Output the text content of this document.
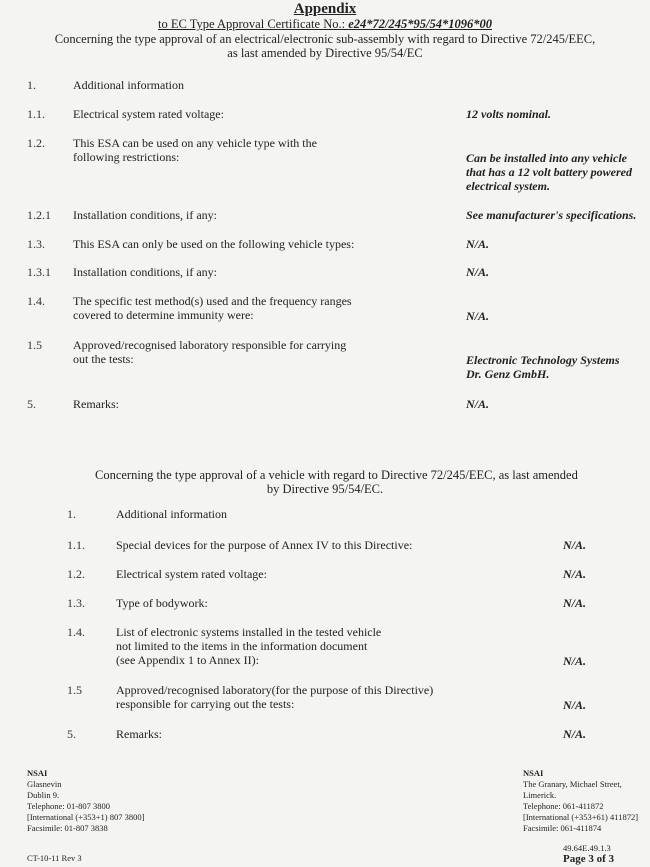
Appendix
to EC Type Approval Certificate No.: e24*72/245*95/54*1096*00
Concerning the type approval of an electrical/electronic sub-assembly with regard to Directive 72/245/EEC,
as last amended by Directive 95/54/EC
1.	Additional information
1.1. Electrical system rated voltage:	12 volts nominal.
1.2. This ESA can be used on any vehicle type with the
following restrictions:	Can be installed into any vehicle
that has a 12 volt battery powered
electrical system.
1.2.1 Installation conditions, if any:	See manufacturer's specifications.
1.3. This ESA can only be used on the following vehicle types:	N/A.
1.3.1 Installation conditions, if any:	N/A.
1.4. The specific test method(s) used and the frequency ranges
covered to determine immunity were:	N/A.
1.5	Approved/recognised laboratory responsible for carrying
out the tests:	Electronic Technology Systems
Dr. Genz GmbH.
5.	Remarks:	N/A.
Concerning the type approval of a vehicle with regard to Directive 72/245/EEC, as last amended
by Directive 95/54/EC.
1.	Additional information
1.1.	Special devices for the purpose of Annex IV to this Directive:	N/A.
1.2.	Electrical system rated voltage:	N/A.
1.3.	Type of bodywork:	N/A.
1.4.	List of electronic systems installed in the tested vehicle
not limited to the items in the information document
(see Appendix 1 to Annex II):	N/A.
1.5	Approved/recognised laboratory(for the purpose of this Directive)
responsible for carrying out the tests:	N/A.
5.	Remarks:	N/A.
NSAI
Glasnevin
Dublin 9.
Telephone: 01-807 3800
[International (+353+1) 807 3800]
Facsimile: 01-807 3838
NSAI
The Granary, Michael Street,
Limerick.
Telephone: 061-411872
[International (+353+61) 411872]
Facsimile: 061-411874
CT-10-11 Rev 3
49.64E.49.1.3
Page 3 of 3
